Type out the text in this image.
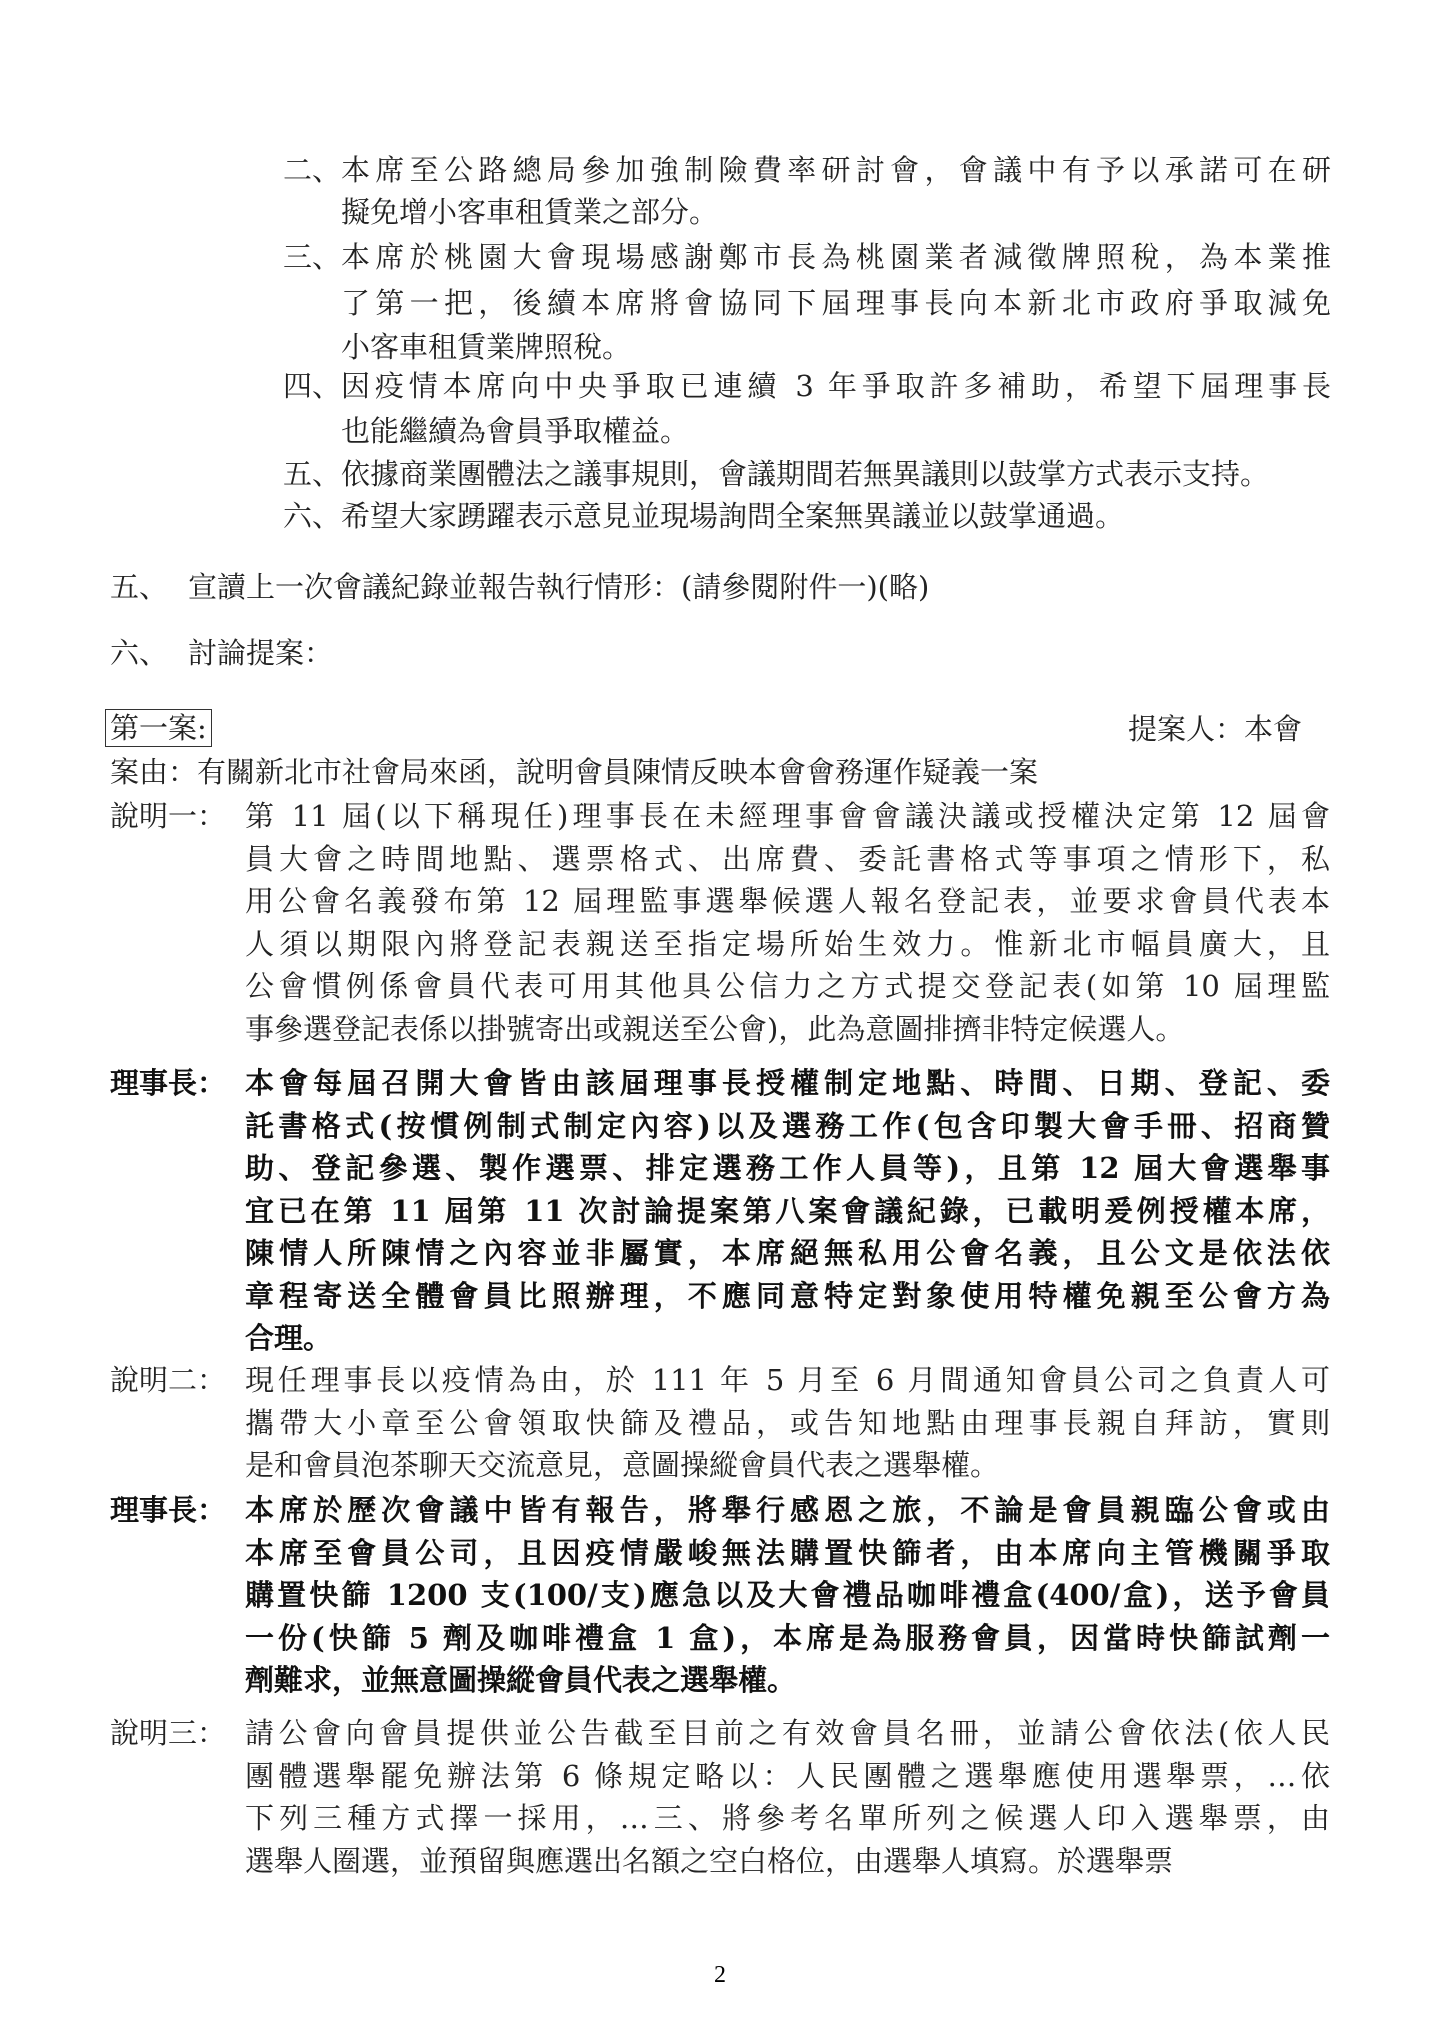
二、 本席至公路總局參加強制險費率研討會，會議中有予以承諾可在研
擬免增小客車租賃業之部分。
三、 本席於桃園大會現場感謝鄭市長為桃園業者減徵牌照稅，為本業推
了第一把，後續本席將會協同下屆理事長向本新北市政府爭取減免
小客車租賃業牌照稅。
四、 因疫情本席向中央爭取已連續 3 年爭取許多補助，希望下屆理事長
也能繼續為會員爭取權益。
五、 依據商業團體法之議事規則，會議期間若無異議則以鼓掌方式表示支持。
六、 希望大家踴躍表示意見並現場詢問全案無異議並以鼓掌通過。
五、 宣讀上一次會議紀錄並報告執行情形：(請參閱附件一)(略)
六、 討論提案：
第一案:	提案人：本會
案由：有關新北市社會局來函，說明會員陳情反映本會會務運作疑義一案
說明一： 第 11 屆(以下稱現任)理事長在未經理事會會議決議或授權決定第 12 屆會
員大會之時間地點、選票格式、出席費、委託書格式等事項之情形下，私
用公會名義發布第 12 屆理監事選舉候選人報名登記表，並要求會員代表本
人須以期限內將登記表親送至指定場所始生效力。惟新北市幅員廣大，且
公會慣例係會員代表可用其他具公信力之方式提交登記表(如第 10 屆理監
事參選登記表係以掛號寄出或親送至公會)，此為意圖排擠非特定候選人。
理事長： 本會每屆召開大會皆由該屆理事長授權制定地點、時間、日期、登記、委
託書格式(按慣例制式制定內容)以及選務工作(包含印製大會手冊、招商贊
助、登記參選、製作選票、排定選務工作人員等)，且第 12 屆大會選舉事
宜已在第 11 屆第 11 次討論提案第八案會議紀錄，已載明爰例授權本席，
陳情人所陳情之內容並非屬實，本席絕無私用公會名義，且公文是依法依
章程寄送全體會員比照辦理，不應同意特定對象使用特權免親至公會方為
合理。
說明二： 現任理事長以疫情為由，於 111 年 5 月至 6 月間通知會員公司之負責人可
攜帶大小章至公會領取快篩及禮品，或告知地點由理事長親自拜訪，實則
是和會員泡茶聊天交流意見，意圖操縱會員代表之選舉權。
理事長： 本席於歷次會議中皆有報告，將舉行感恩之旅，不論是會員親臨公會或由
本席至會員公司，且因疫情嚴峻無法購置快篩者，由本席向主管機關爭取
購置快篩 1200 支(100/支)應急以及大會禮品咖啡禮盒(400/盒)，送予會員
一份(快篩 5 劑及咖啡禮盒 1 盒)，本席是為服務會員，因當時快篩試劑一
劑難求，並無意圖操縱會員代表之選舉權。
說明三： 請公會向會員提供並公告截至目前之有效會員名冊，並請公會依法(依人民
團體選舉罷免辦法第 6 條規定略以：人民團體之選舉應使用選舉票，…依
下列三種方式擇一採用，…三、將參考名單所列之候選人印入選舉票，由
選舉人圈選，並預留與應選出名額之空白格位，由選舉人填寫。於選舉票
2
